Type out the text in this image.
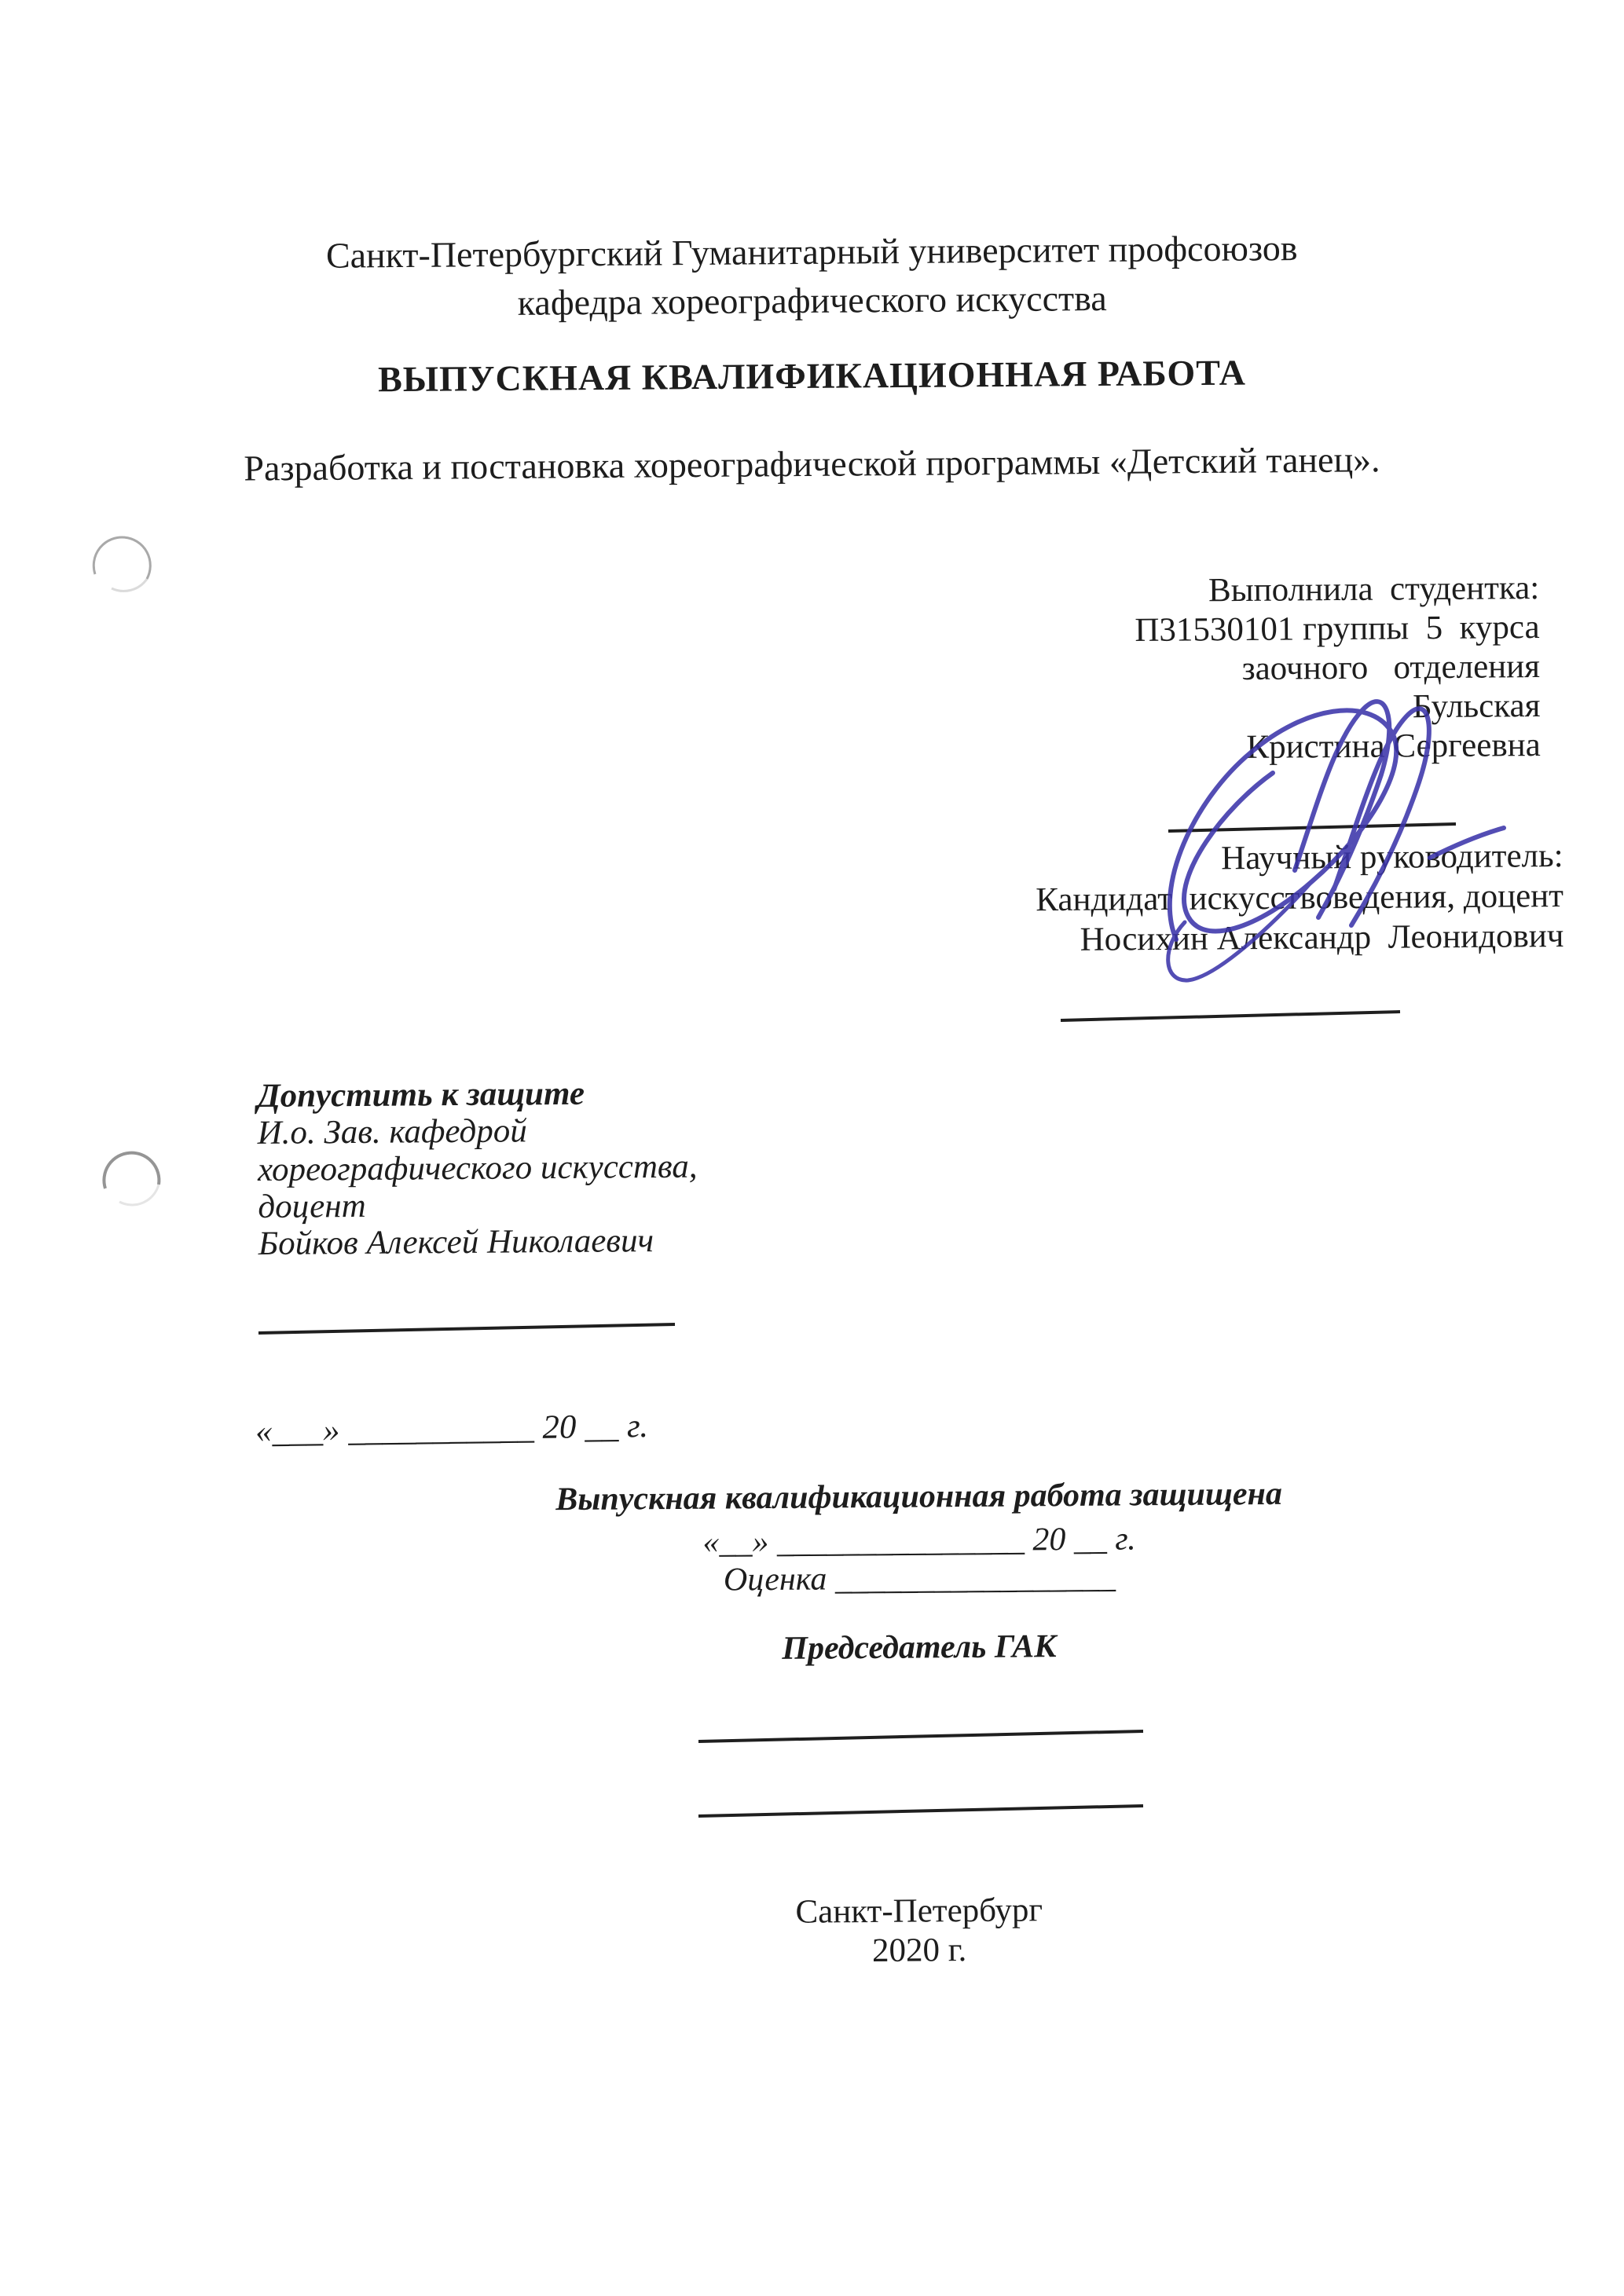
Санкт-Петербургский Гуманитарный университет профсоюзов
кафедра хореографического искусства
ВЫПУСКНАЯ КВАЛИФИКАЦИОННАЯ РАБОТА
Разработка и постановка хореографической программы «Детский танец».
Выполнила  студентка:
П31530101 группы  5  курса
заочного   отделения
Бульская
Кристина Сергеевна
Научный руководитель:
Кандидат  искусствоведения, доцент
Носихин Александр  Леонидович
Допустить к защите
И.о. Зав. кафедрой
хореографического искусства,
доцент
Бойков Алексей Николаевич
«___» ___________ 20 __ г.
Выпускная квалификационная работа защищена
«__» _______________ 20 __ г.
Оценка _________________
Председатель ГАК
Санкт-Петербург
2020 г.
